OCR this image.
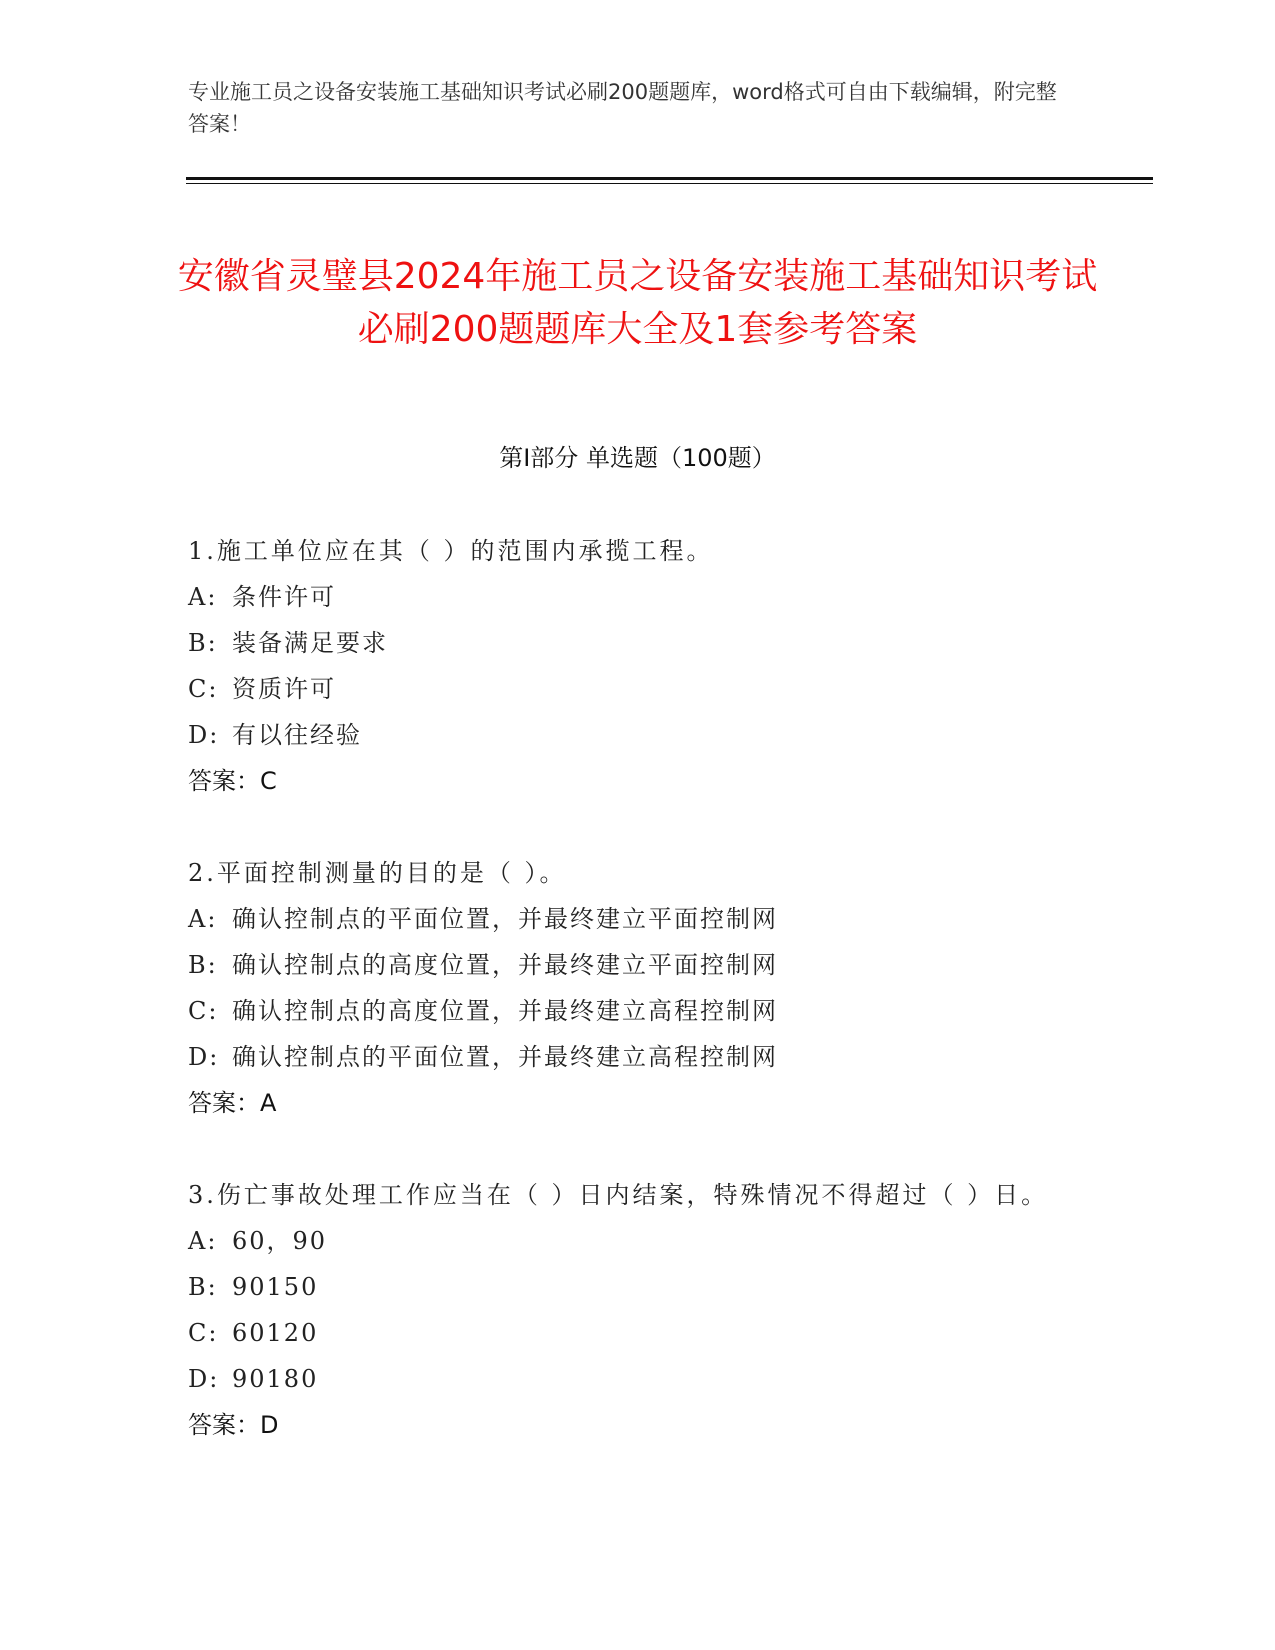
专业施工员之设备安装施工基础知识考试必刷200题题库，word格式可自由下载编辑，附完整答案！
安徽省灵璧县2024年施工员之设备安装施工基础知识考试必刷200题题库大全及1套参考答案
第Ⅰ部分 单选题（100题）
1.施工单位应在其（ ）的范围内承揽工程。
A: 条件许可
B: 装备满足要求
C: 资质许可
D: 有以往经验
答案：C
2.平面控制测量的目的是（ ）。
A: 确认控制点的平面位置，并最终建立平面控制网
B: 确认控制点的高度位置，并最终建立平面控制网
C: 确认控制点的高度位置，并最终建立高程控制网
D: 确认控制点的平面位置，并最终建立高程控制网
答案：A
3.伤亡事故处理工作应当在（ ）日内结案，特殊情况不得超过（ ）日。
A: 60，90
B: 90150
C: 60120
D: 90180
答案：D
